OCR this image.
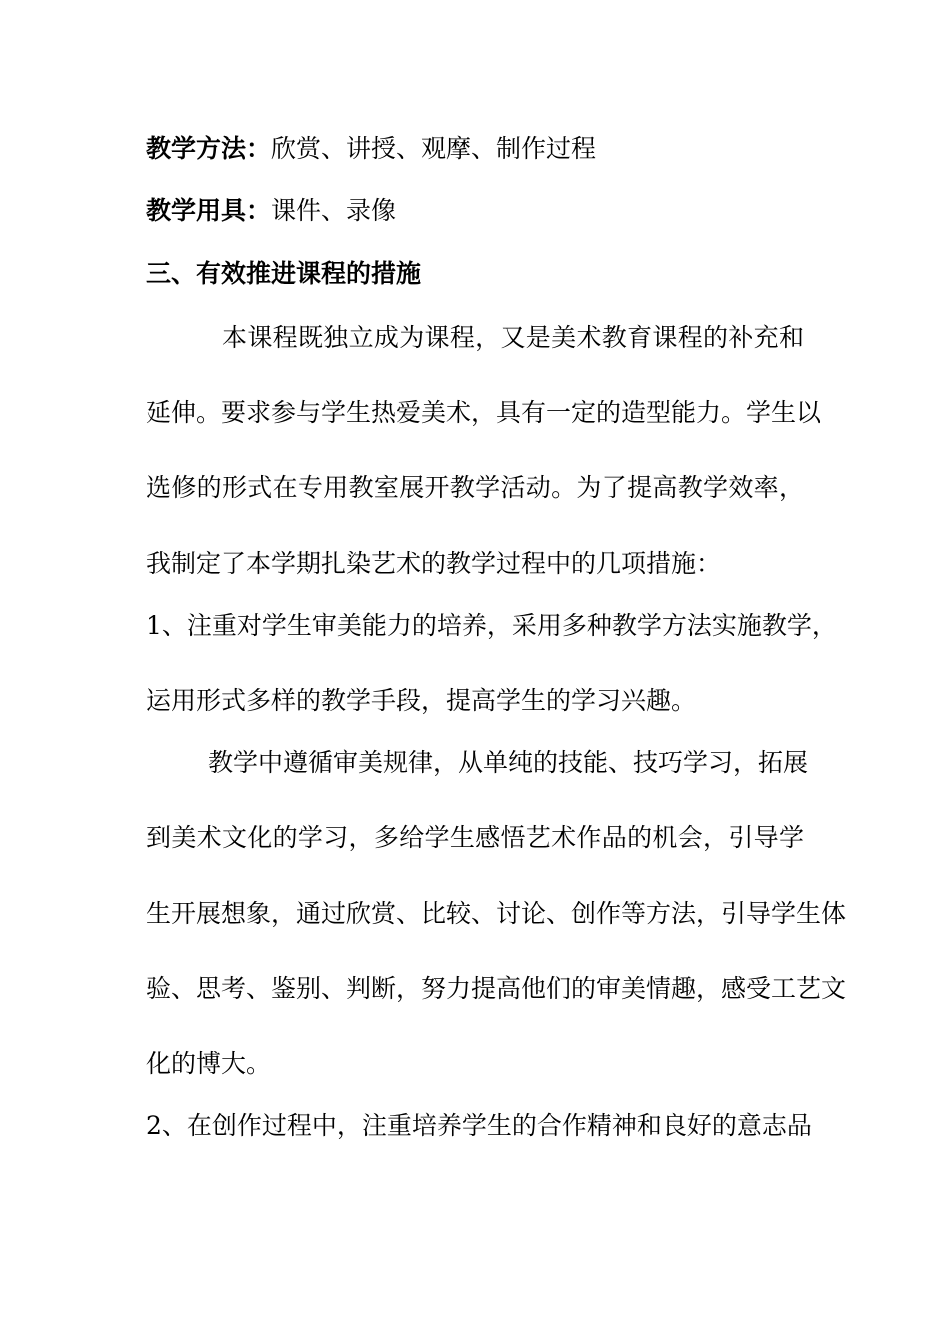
教学方法：欣赏、讲授、观摩、制作过程
教学用具：课件、录像
三、有效推进课程的措施
本课程既独立成为课程，又是美术教育课程的补充和
延伸。要求参与学生热爱美术，具有一定的造型能力。学生以
选修的形式在专用教室展开教学活动。为了提高教学效率，
我制定了本学期扎染艺术的教学过程中的几项措施：
1、注重对学生审美能力的培养，采用多种教学方法实施教学，
运用形式多样的教学手段，提高学生的学习兴趣。
教学中遵循审美规律，从单纯的技能、技巧学习，拓展
到美术文化的学习，多给学生感悟艺术作品的机会，引导学
生开展想象，通过欣赏、比较、讨论、创作等方法，引导学生体
验、思考、鉴别、判断，努力提高他们的审美情趣，感受工艺文
化的博大。
2、在创作过程中，注重培养学生的合作精神和良好的意志品
